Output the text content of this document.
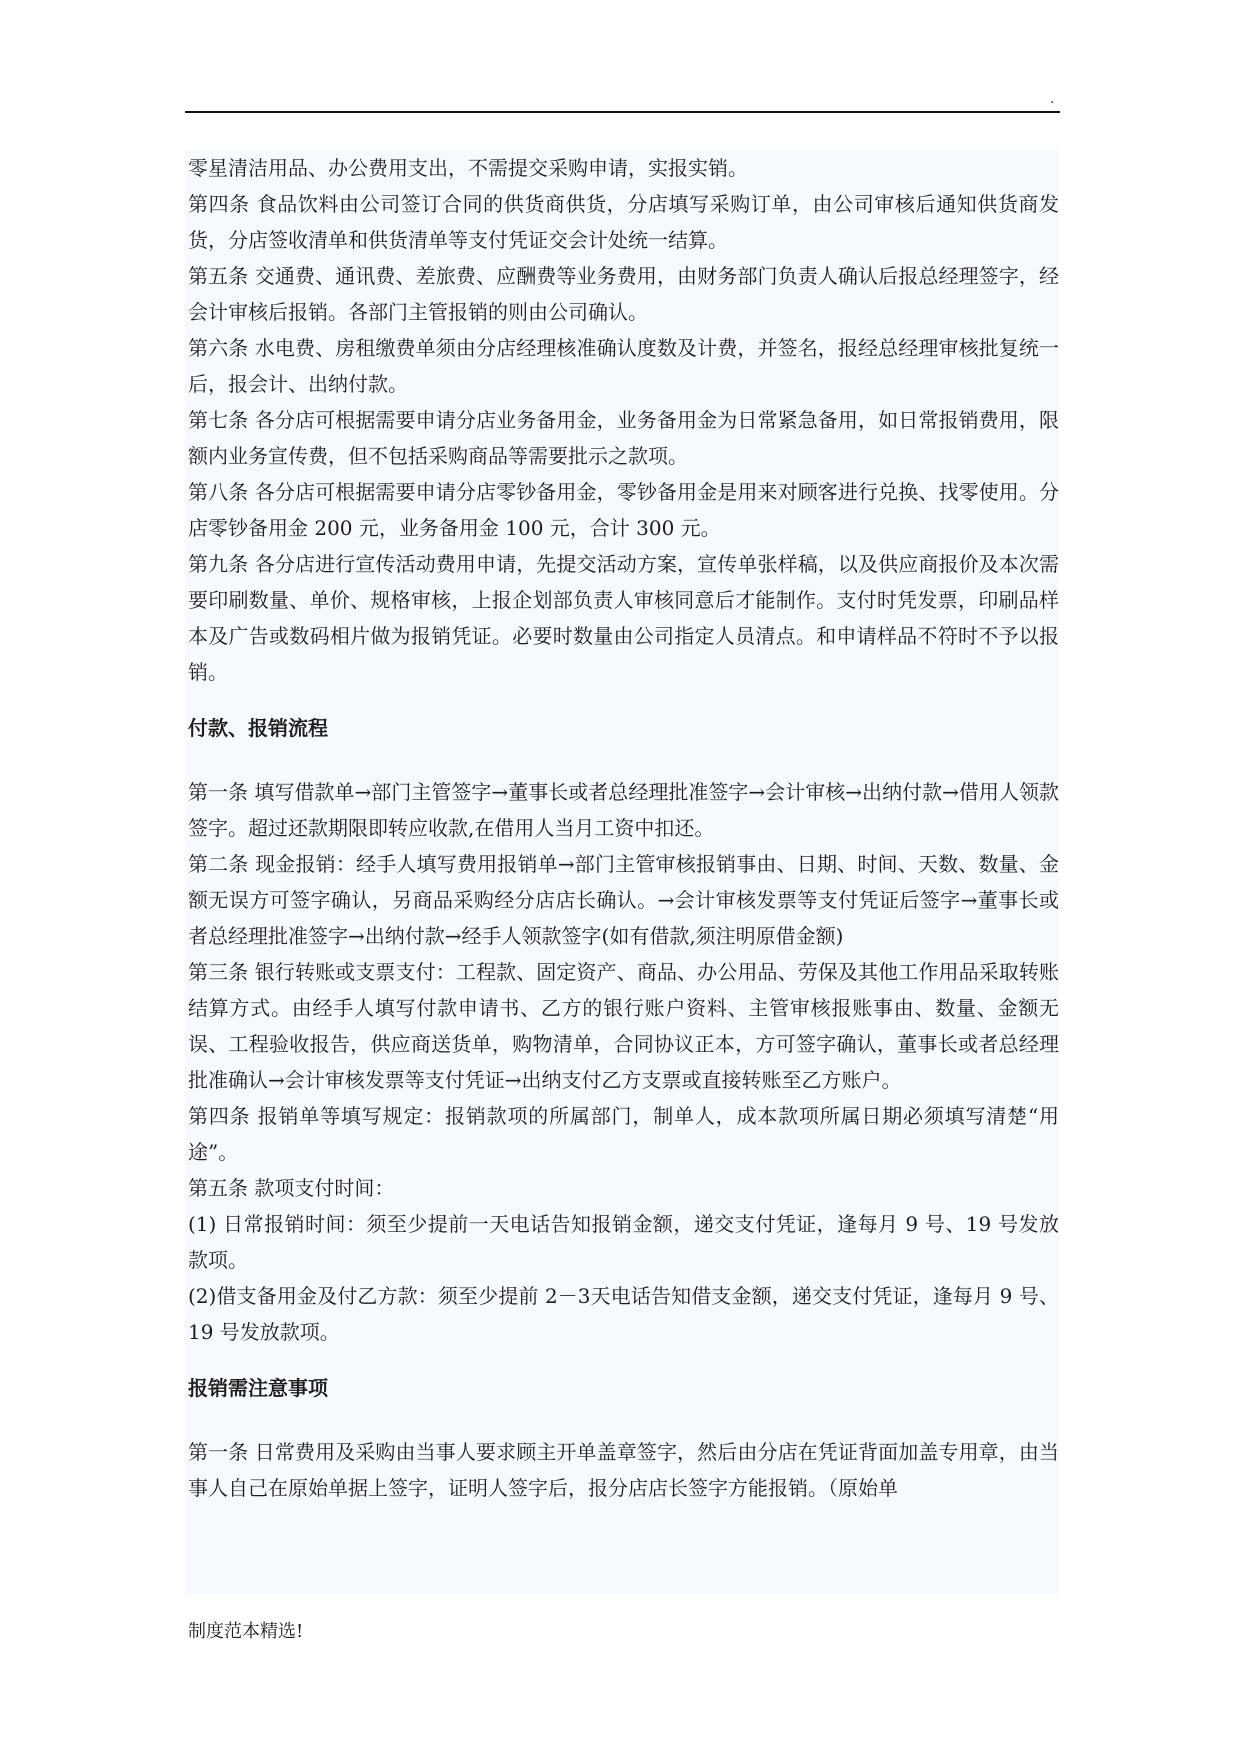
.

零星清洁用品、办公费用支出，不需提交采购申请，实报实销。

第四条 食品饮料由公司签订合同的供货商供货，分店填写采购订单，由公司审核后通知供货商发货，分店签收清单和供货清单等支付凭证交会计处统一结算。

第五条 交通费、通讯费、差旅费、应酬费等业务费用，由财务部门负责人确认后报总经理签字，经会计审核后报销。各部门主管报销的则由公司确认。

第六条 水电费、房租缴费单须由分店经理核准确认度数及计费，并签名，报经总经理审核批复统一后，报会计、出纳付款。

第七条 各分店可根据需要申请分店业务备用金，业务备用金为日常紧急备用，如日常报销费用，限额内业务宣传费，但不包括采购商品等需要批示之款项。

第八条 各分店可根据需要申请分店零钞备用金，零钞备用金是用来对顾客进行兑换、找零使用。分店零钞备用金 200 元，业务备用金 100 元，合计 300 元。

第九条 各分店进行宣传活动费用申请，先提交活动方案，宣传单张样稿，以及供应商报价及本次需要印刷数量、单价、规格审核，上报企划部负责人审核同意后才能制作。支付时凭发票，印刷品样本及广告或数码相片做为报销凭证。必要时数量由公司指定人员清点。和申请样品不符时不予以报销。

付款、报销流程

第一条 填写借款单→部门主管签字→董事长或者总经理批准签字→会计审核→出纳付款→借用人领款签字。超过还款期限即转应收款,在借用人当月工资中扣还。

第二条 现金报销：经手人填写费用报销单→部门主管审核报销事由、日期、时间、天数、数量、金额无误方可签字确认，另商品采购经分店店长确认。→会计审核发票等支付凭证后签字→董事长或者总经理批准签字→出纳付款→经手人领款签字(如有借款,须注明原借金额)

第三条 银行转账或支票支付：工程款、固定资产、商品、办公用品、劳保及其他工作用品采取转账结算方式。由经手人填写付款申请书、乙方的银行账户资料、主管审核报账事由、数量、金额无误、工程验收报告，供应商送货单，购物清单，合同协议正本，方可签字确认，董事长或者总经理批准确认→会计审核发票等支付凭证→出纳支付乙方支票或直接转账至乙方账户。

第四条 报销单等填写规定：报销款项的所属部门，制单人，成本款项所属日期必须填写清楚“用途”。

第五条 款项支付时间：

(1) 日常报销时间：须至少提前一天电话告知报销金额，递交支付凭证，逢每月 9 号、19 号发放款项。

(2)借支备用金及付乙方款：须至少提前 2－3天电话告知借支金额，递交支付凭证，逢每月 9 号、19 号发放款项。

报销需注意事项

第一条 日常费用及采购由当事人要求顾主开单盖章签字，然后由分店在凭证背面加盖专用章，由当事人自己在原始单据上签字，证明人签字后，报分店店长签字方能报销。（原始单

制度范本精选!
